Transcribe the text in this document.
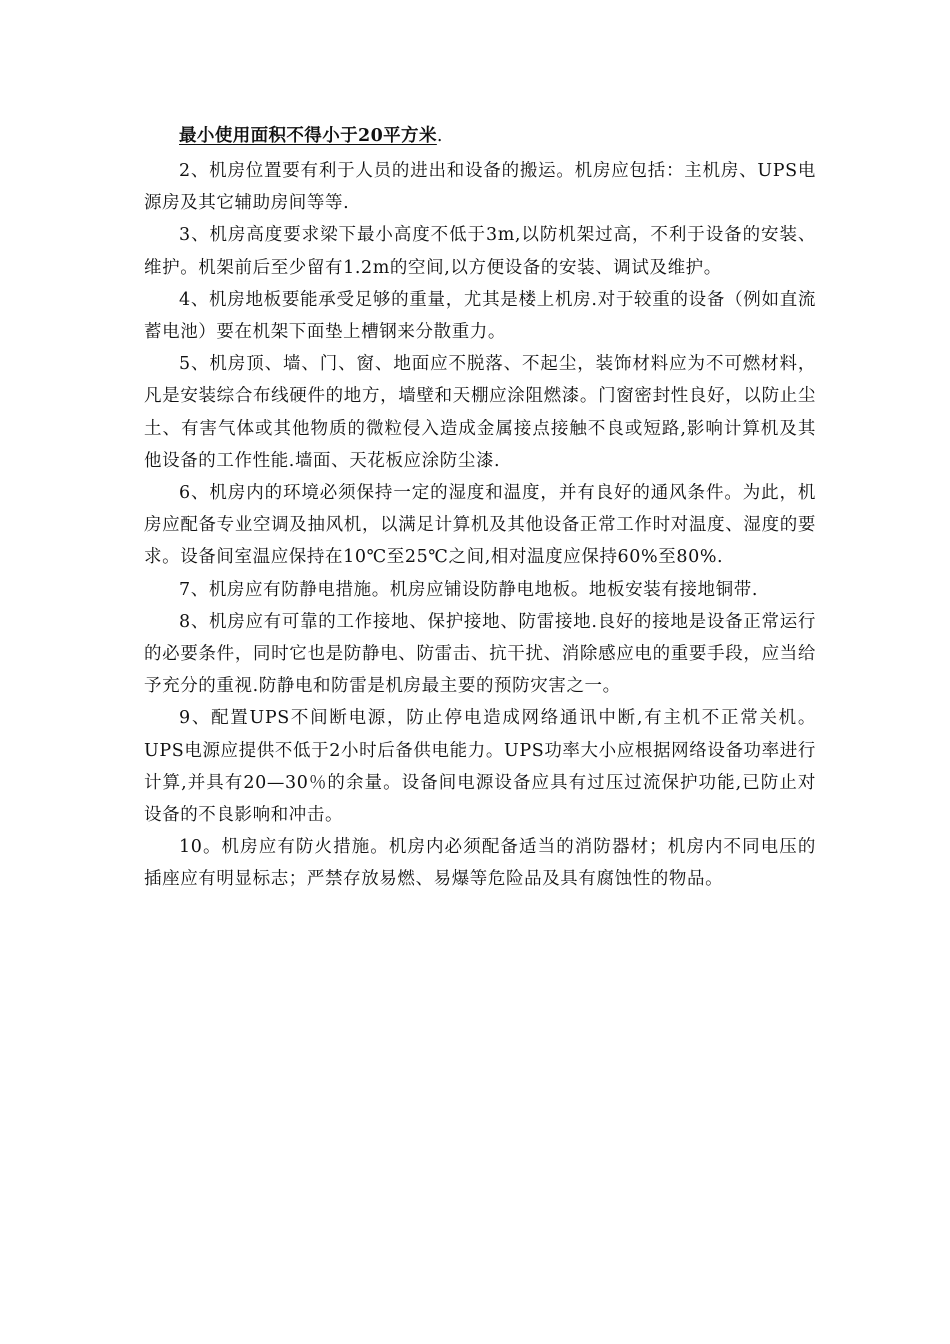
最小使用面积不得小于20平方米.

2、机房位置要有利于人员的进出和设备的搬运。机房应包括：主机房、UPS电源房及其它辅助房间等等.

3、机房高度要求梁下最小高度不低于3m,以防机架过高，不利于设备的安装、维护。机架前后至少留有1.2m的空间,以方便设备的安装、调试及维护。

4、机房地板要能承受足够的重量，尤其是楼上机房.对于较重的设备（例如直流蓄电池）要在机架下面垫上槽钢来分散重力。

5、机房顶、墙、门、窗、地面应不脱落、不起尘，装饰材料应为不可燃材料，凡是安装综合布线硬件的地方，墙壁和天棚应涂阻燃漆。门窗密封性良好，以防止尘土、有害气体或其他物质的微粒侵入造成金属接点接触不良或短路,影响计算机及其他设备的工作性能.墙面、天花板应涂防尘漆.

6、机房内的环境必须保持一定的湿度和温度，并有良好的通风条件。为此，机房应配备专业空调及抽风机，以满足计算机及其他设备正常工作时对温度、湿度的要求。设备间室温应保持在10℃至25℃之间,相对温度应保持60%至80%.

7、机房应有防静电措施。机房应铺设防静电地板。地板安装有接地铜带.

8、机房应有可靠的工作接地、保护接地、防雷接地.良好的接地是设备正常运行的必要条件，同时它也是防静电、防雷击、抗干扰、消除感应电的重要手段，应当给予充分的重视.防静电和防雷是机房最主要的预防灾害之一。

9、配置UPS不间断电源，防止停电造成网络通讯中断,有主机不正常关机。UPS电源应提供不低于2小时后备供电能力。UPS功率大小应根据网络设备功率进行计算,并具有20—30％的余量。设备间电源设备应具有过压过流保护功能,已防止对设备的不良影响和冲击。

10。机房应有防火措施。机房内必须配备适当的消防器材；机房内不同电压的插座应有明显标志；严禁存放易燃、易爆等危险品及具有腐蚀性的物品。
